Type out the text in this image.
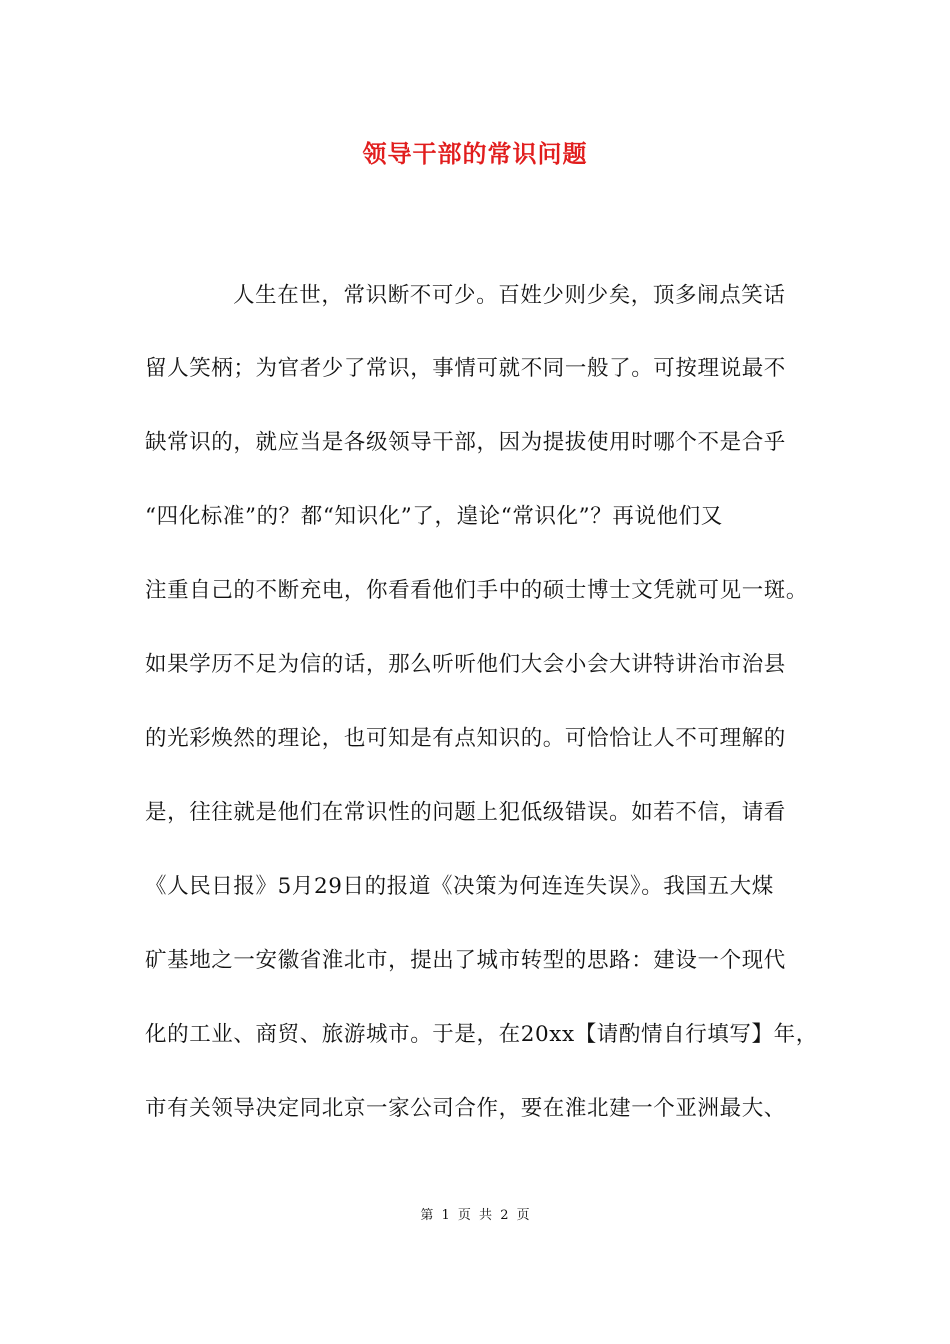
领导干部的常识问题
人生在世，常识断不可少。百姓少则少矣，顶多闹点笑话
留人笑柄；为官者少了常识，事情可就不同一般了。可按理说最不
缺常识的，就应当是各级领导干部，因为提拔使用时哪个不是合乎
“四化标准”的？都“知识化”了，遑论“常识化”？再说他们又
注重自己的不断充电，你看看他们手中的硕士博士文凭就可见一斑。
如果学历不足为信的话，那么听听他们大会小会大讲特讲治市治县
的光彩焕然的理论，也可知是有点知识的。可恰恰让人不可理解的
是，往往就是他们在常识性的问题上犯低级错误。如若不信，请看
《人民日报》5月29日的报道《决策为何连连失误》。我国五大煤
矿基地之一安徽省淮北市，提出了城市转型的思路：建设一个现代
化的工业、商贸、旅游城市。于是，在20xx【请酌情自行填写】年，
市有关领导决定同北京一家公司合作，要在淮北建一个亚洲最大、
第 1 页 共 2 页
